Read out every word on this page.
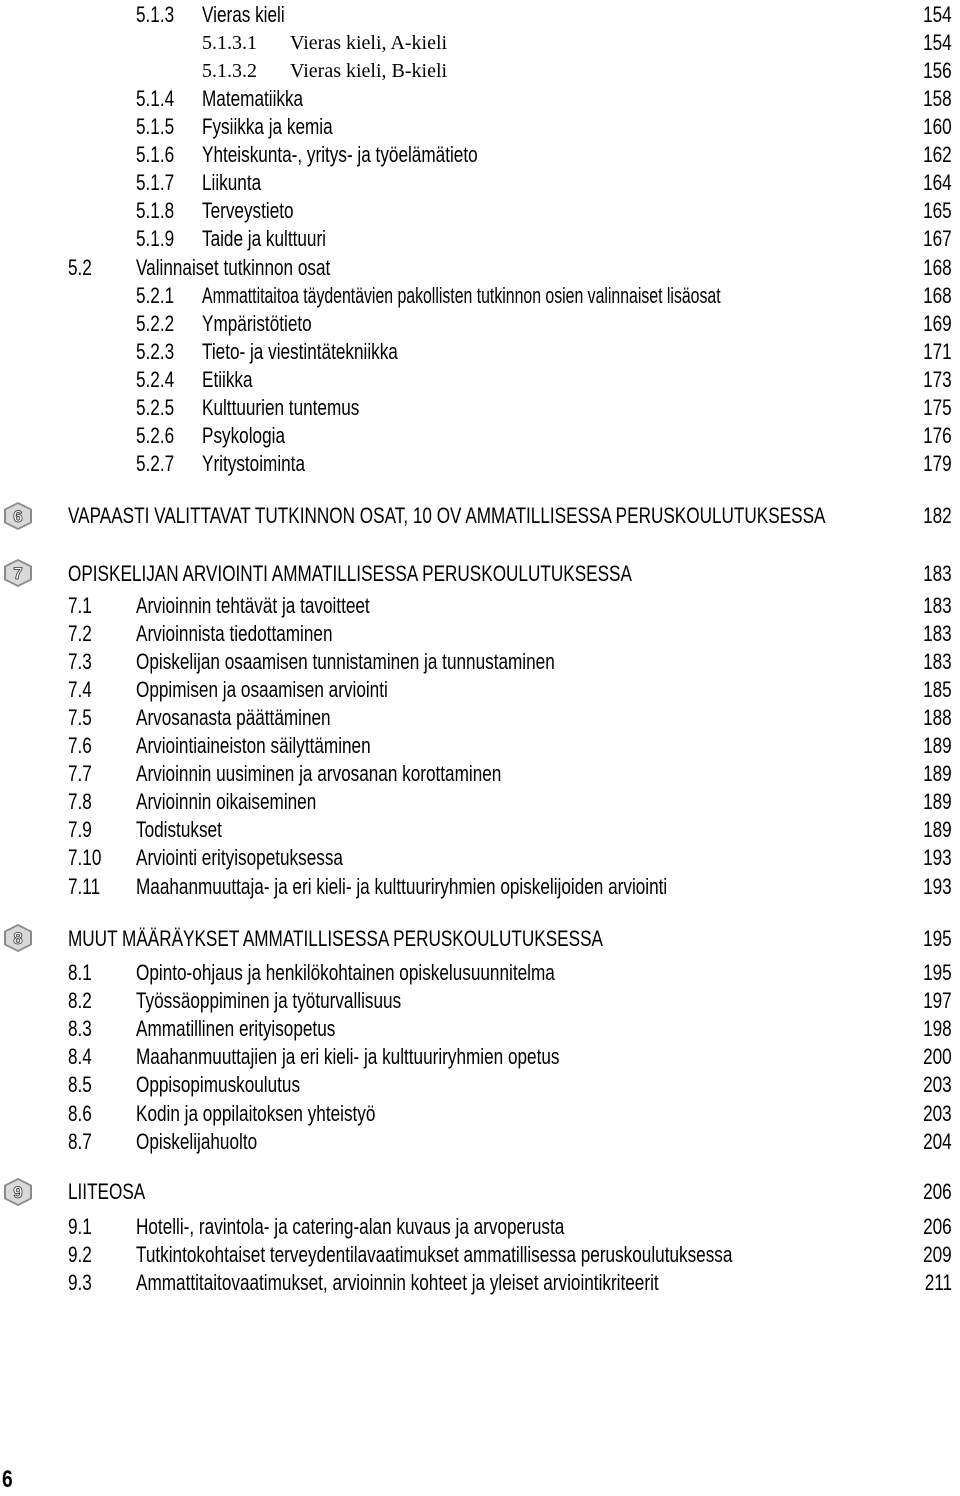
5.1.3 Vieras kieli	154
5.1.3.1 Vieras kieli, A-kieli	154
5.1.3.2 Vieras kieli, B-kieli	156
5.1.4 Matematiikka	158
5.1.5 Fysiikka ja kemia	160
5.1.6 Yhteiskunta-, yritys- ja työelämätieto	162
5.1.7 Liikunta	164
5.1.8 Terveystieto	165
5.1.9 Taide ja kulttuuri	167
5.2 Valinnaiset tutkinnon osat	168
5.2.1 Ammattitaitoa täydentävien pakollisten tutkinnon osien valinnaiset lisäosat	168
5.2.2 Ympäristötieto	169
5.2.3 Tieto- ja viestintätekniikka	171
5.2.4 Etiikka	173
5.2.5 Kulttuurien tuntemus	175
5.2.6 Psykologia	176
5.2.7 Yritystoiminta	179
6 VAPAASTI VALITTAVAT TUTKINNON OSAT, 10 OV AMMATILLISESSA PERUSKOULUTUKSESSA	182
7 OPISKELIJAN ARVIOINTI AMMATILLISESSA PERUSKOULUTUKSESSA	183
7.1 Arvioinnin tehtävät ja tavoitteet	183
7.2 Arvioinnista tiedottaminen	183
7.3 Opiskelijan osaamisen tunnistaminen ja tunnustaminen	183
7.4 Oppimisen ja osaamisen arviointi	185
7.5 Arvosanasta päättäminen	188
7.6 Arviointiaineiston säilyttäminen	189
7.7 Arvioinnin uusiminen ja arvosanan korottaminen	189
7.8 Arvioinnin oikaiseminen	189
7.9 Todistukset	189
7.10 Arviointi erityisopetuksessa	193
7.11 Maahanmuuttaja- ja eri kieli- ja kulttuuriryhmien opiskelijoiden arviointi	193
8 MUUT MÄÄRÄYKSET AMMATILLISESSA PERUSKOULUTUKSESSA	195
8.1 Opinto-ohjaus ja henkilökohtainen opiskelusuunnitelma	195
8.2 Työssäoppiminen ja työturvallisuus	197
8.3 Ammatillinen erityisopetus	198
8.4 Maahanmuuttajien ja eri kieli- ja kulttuuriryhmien opetus	200
8.5 Oppisopimuskoulutus	203
8.6 Kodin ja oppilaitoksen yhteistyö	203
8.7 Opiskelijahuolto	204
9 LIITEOSA	206
9.1 Hotelli-, ravintola- ja catering-alan kuvaus ja arvoperusta	206
9.2 Tutkintokohtaiset terveydentilavaatimukset ammatillisessa peruskoulutuksessa	209
9.3 Ammattitaitovaatimukset, arvioinnin kohteet ja yleiset arviointikriteerit	211
6
